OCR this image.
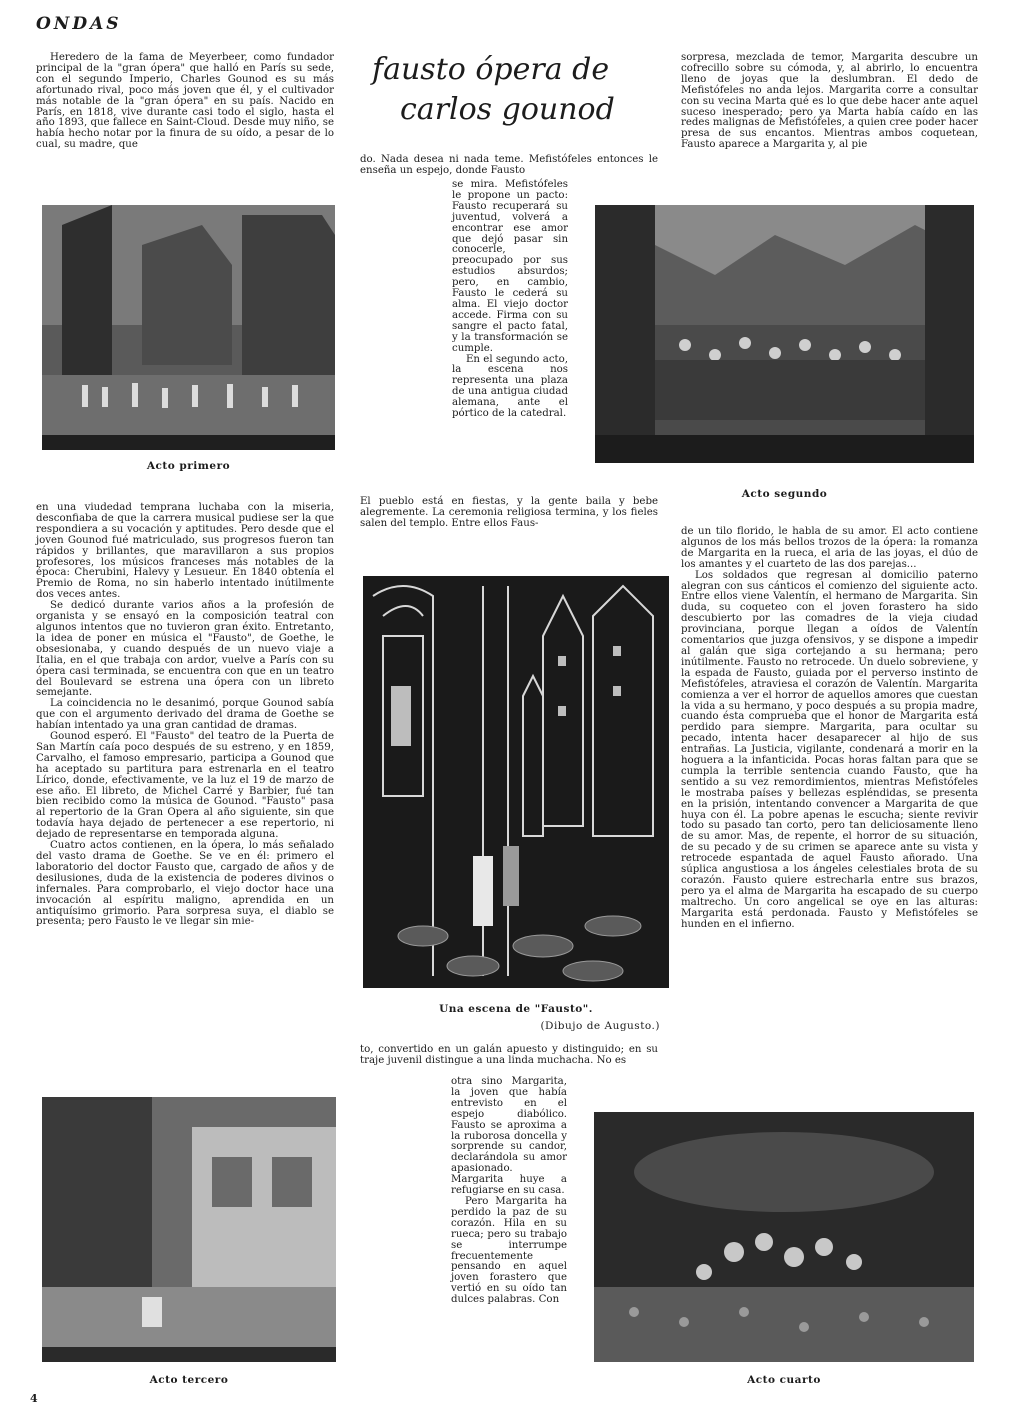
ONDAS

Heredero de la fama de Meyerbeer, como fundador principal de la "gran ópera" que halló en París su sede, con el segundo Imperio, Charles Gounod es su más afortunado rival, poco más joven que él, y el cultivador más notable de la "gran ópera" en su país. Nacido en París, en 1818, vive durante casi todo el siglo, hasta el año 1893, que fallece en Saint-Cloud. Desde muy niño, se había hecho notar por la finura de su oído, a pesar de lo cual, su madre, que

fausto ópera de
carlos gounod

do. Nada desea ni nada teme. Mefistófeles entonces le enseña un espejo, donde Fausto

sorpresa, mezclada de temor, Margarita descubre un cofrecillo sobre su cómoda, y, al abrirlo, lo encuentra lleno de joyas que la deslumbran. El dedo de Mefistófeles no anda lejos. Margarita corre a consultar con su vecina Marta qué es lo que debe hacer ante aquel suceso inesperado; pero ya Marta había caído en las redes malignas de Mefistófeles, a quien cree poder hacer presa de sus encantos. Mientras ambos coquetean, Fausto aparece a Margarita y, al pie

Acto primero

se mira. Mefistófeles le propone un pacto: Fausto recuperará su juventud, volverá a encontrar ese amor que dejó pasar sin conocerle, preocupado por sus estudios absurdos; pero, en cambio, Fausto le cederá su alma. El viejo doctor accede. Firma con su sangre el pacto fatal, y la transformación se cumple.

En el segundo acto, la escena nos representa una plaza de una antigua ciudad alemana, ante el pórtico de la catedral.

El pueblo está en fiestas, y la gente baila y bebe alegremente. La ceremonia religiosa termina, y los fieles salen del templo. Entre ellos Faus-

Acto segundo

en una viudedad temprana luchaba con la miseria, desconfiaba de que la carrera musical pudiese ser la que respondiera a su vocación y aptitudes. Pero desde que el joven Gounod fué matriculado, sus progresos fueron tan rápidos y brillantes, que maravillaron a sus propios profesores, los músicos franceses más notables de la época: Cherubini, Halevy y Lesueur. En 1840 obtenía el Premio de Roma, no sin haberlo intentado inútilmente dos veces antes.

Se dedicó durante varios años a la profesión de organista y se ensayó en la composición teatral con algunos intentos que no tuvieron gran éxito. Entretanto, la idea de poner en música el "Fausto", de Goethe, le obsesionaba, y cuando después de un nuevo viaje a Italia, en el que trabaja con ardor, vuelve a París con su ópera casi terminada, se encuentra con que en un teatro del Boulevard se estrena una ópera con un libreto semejante.

La coincidencia no le desanimó, porque Gounod sabía que con el argumento derivado del drama de Goethe se habían intentado ya una gran cantidad de dramas.

Gounod esperó. El "Fausto" del teatro de la Puerta de San Martín caía poco después de su estreno, y en 1859, Carvalho, el famoso empresario, participa a Gounod que ha aceptado su partitura para estrenarla en el teatro Lírico, donde, efectivamente, ve la luz el 19 de marzo de ese año. El libreto, de Michel Carré y Barbier, fué tan bien recibido como la música de Gounod. "Fausto" pasa al repertorio de la Gran Opera al año siguiente, sin que todavía haya dejado de pertenecer a ese repertorio, ni dejado de representarse en temporada alguna.

Cuatro actos contienen, en la ópera, lo más señalado del vasto drama de Goethe. Se ve en él: primero el laboratorio del doctor Fausto que, cargado de años y de desilusiones, duda de la existencia de poderes divinos o infernales. Para comprobarlo, el viejo doctor hace una invocación al espíritu maligno, aprendida en un antiquísimo grimorio. Para sorpresa suya, el diablo se presenta; pero Fausto le ve llegar sin mie-

Una escena de "Fausto".
(Dibujo de Augusto.)

de un tilo florido, le habla de su amor. El acto contiene algunos de los más bellos trozos de la ópera: la romanza de Margarita en la rueca, el aria de las joyas, el dúo de los amantes y el cuarteto de las dos parejas...

Los soldados que regresan al domicilio paterno alegran con sus cánticos el comienzo del siguiente acto. Entre ellos viene Valentín, el hermano de Margarita. Sin duda, su coqueteo con el joven forastero ha sido descubierto por las comadres de la vieja ciudad provinciana, porque llegan a oídos de Valentín comentarios que juzga ofensivos, y se dispone a impedir al galán que siga cortejando a su hermana; pero inútilmente. Fausto no retrocede. Un duelo sobreviene, y la espada de Fausto, guiada por el perverso instinto de Mefistófeles, atraviesa el corazón de Valentín. Margarita comienza a ver el horror de aquellos amores que cuestan la vida a su hermano, y poco después a su propia madre, cuando ésta comprueba que el honor de Margarita está perdido para siempre. Margarita, para ocultar su pecado, intenta hacer desaparecer al hijo de sus entrañas. La Justicia, vigilante, condenará a morir en la hoguera a la infanticida. Pocas horas faltan para que se cumpla la terrible sentencia cuando Fausto, que ha sentido a su vez remordimientos, mientras Mefistófeles le mostraba países y bellezas espléndidas, se presenta en la prisión, intentando convencer a Margarita de que huya con él. La pobre apenas le escucha; siente revivir todo su pasado tan corto, pero tan deliciosamente lleno de su amor. Mas, de repente, el horror de su situación, de su pecado y de su crimen se aparece ante su vista y retrocede espantada de aquel Fausto añorado. Una súplica angustiosa a los ángeles celestiales brota de su corazón. Fausto quiere estrecharla entre sus brazos, pero ya el alma de Margarita ha escapado de su cuerpo maltrecho. Un coro angelical se oye en las alturas: Margarita está perdonada. Fausto y Mefistófeles se hunden en el infierno.

to, convertido en un galán apuesto y distinguido; en su traje juvenil distingue a una linda muchacha. No es

Acto tercero

otra sino Margarita, la joven que había entrevisto en el espejo diabólico. Fausto se aproxima a la ruborosa doncella y sorprende su candor, declarándola su amor apasionado. Margarita huye a refugiarse en su casa.

Pero Margarita ha perdido la paz de su corazón. Hila en su rueca; pero su trabajo se interrumpe frecuentemente pensando en aquel joven forastero que vertió en su oído tan dulces palabras. Con

Acto cuarto
4
